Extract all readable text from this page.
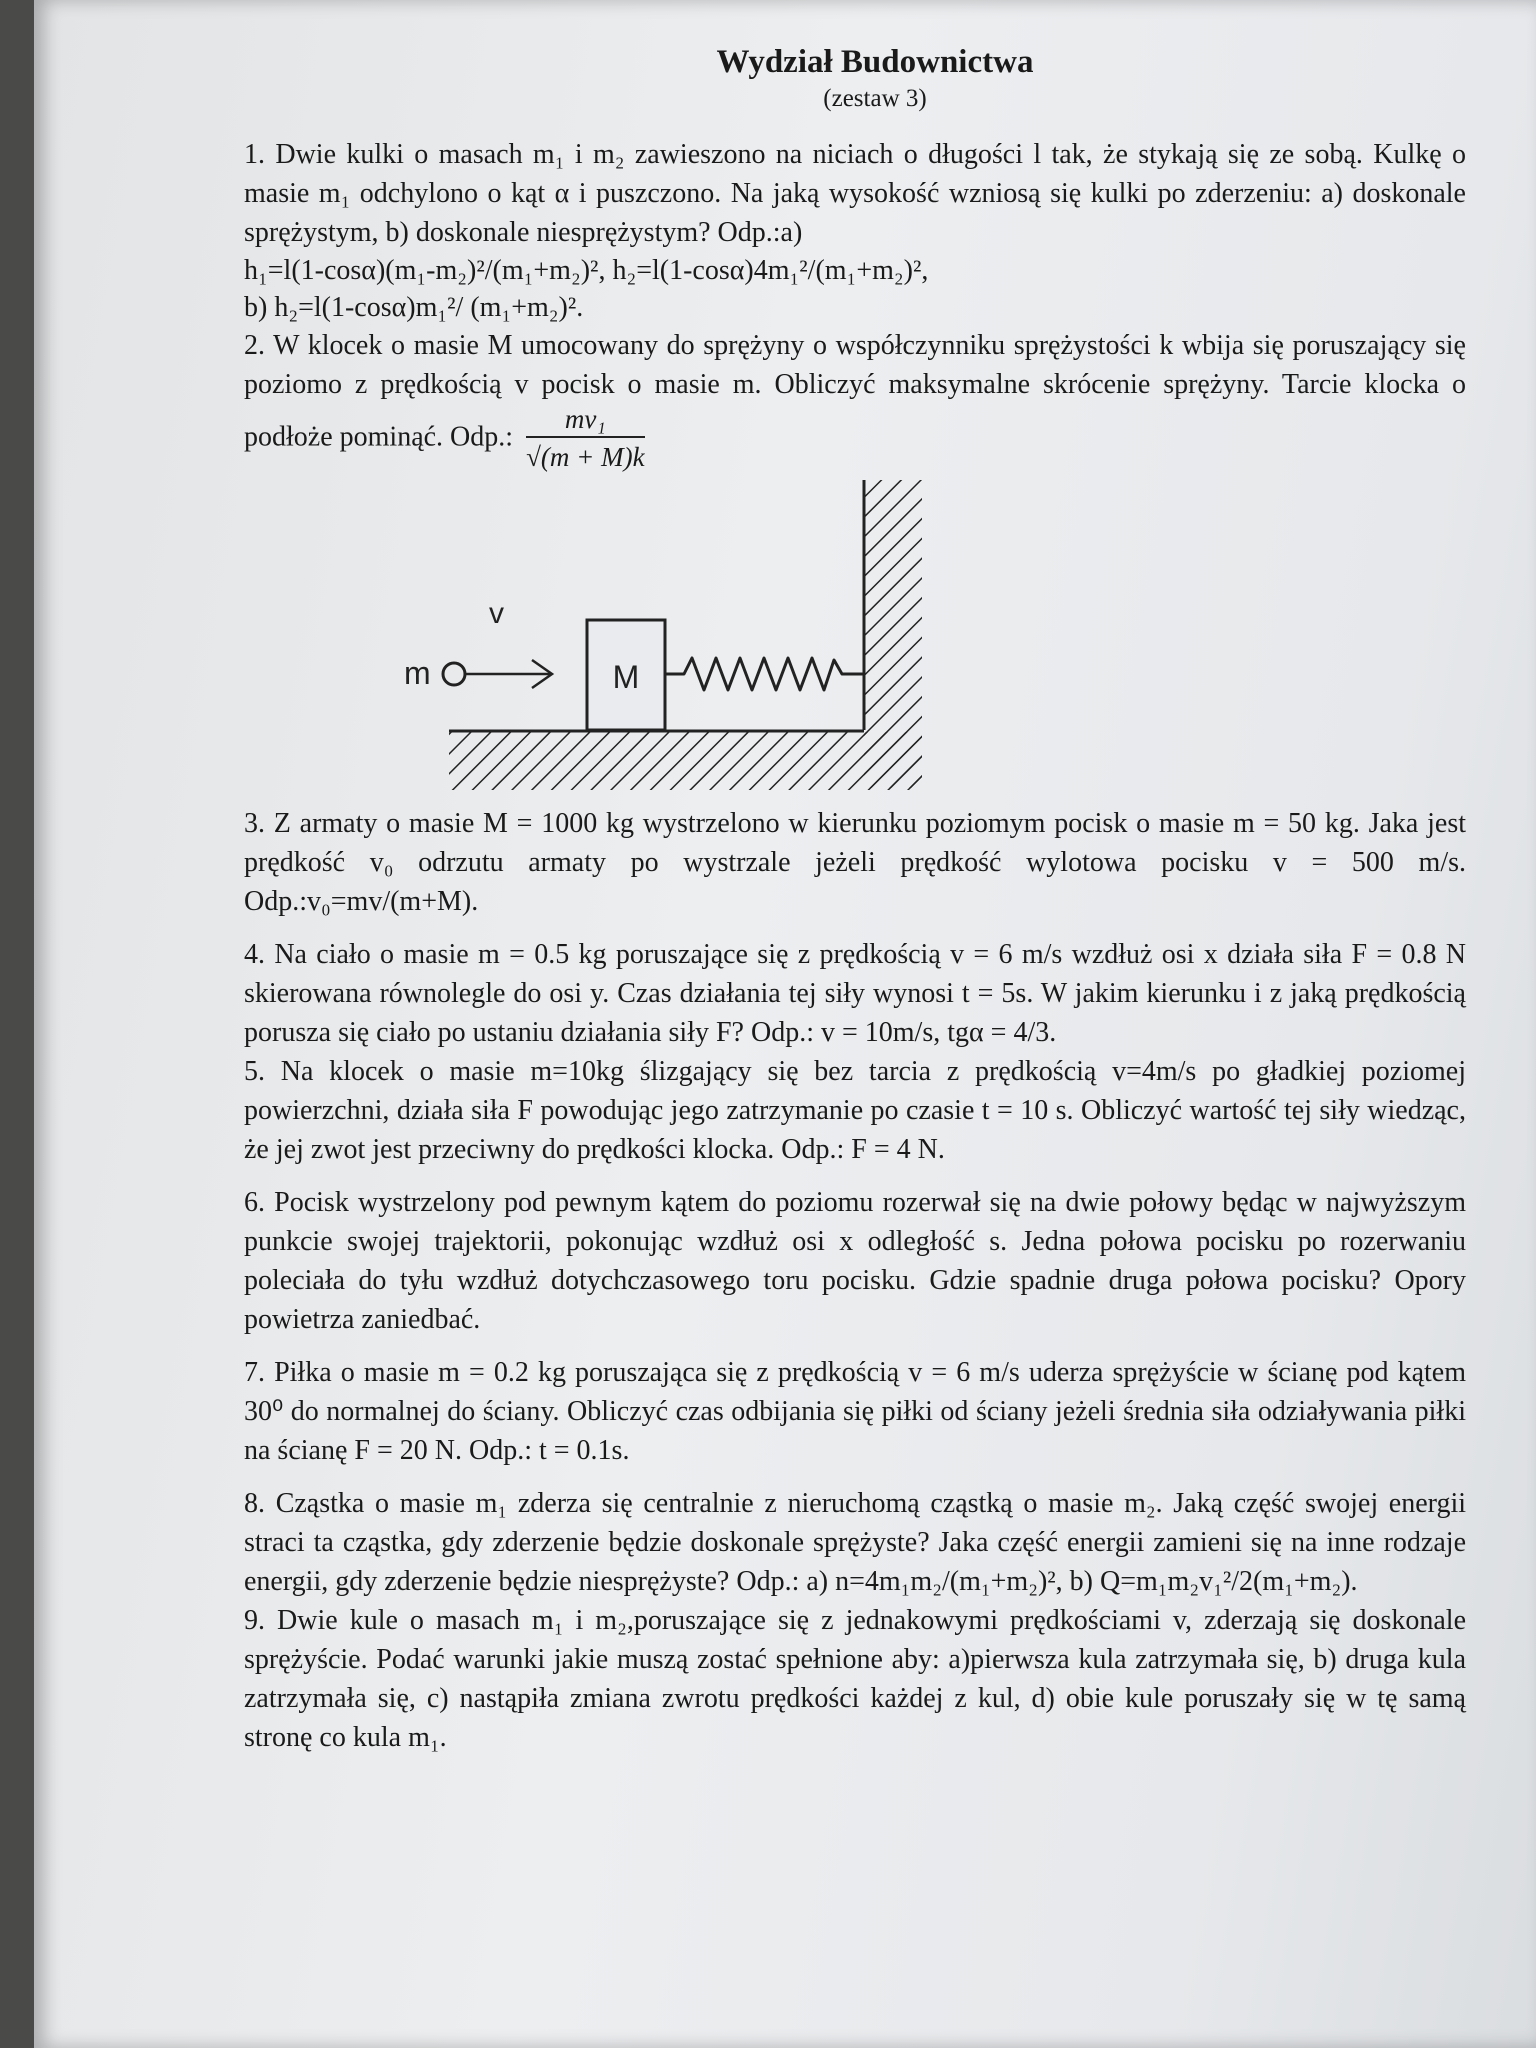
Wydział Budownictwa
(zestaw 3)

1. Dwie kulki o masach m₁ i m₂ zawieszono na niciach o długości l tak, że stykają się ze sobą. Kulkę o masie m₁ odchylono o kąt α i puszczono. Na jaką wysokość wzniosą się kulki po zderzeniu: a) doskonale sprężystym, b) doskonale niesprężystym? Odp.:a)

h₁=l(1-cosα)(m₁-m₂)²/(m₁+m₂)², h₂=l(1-cosα)4m₁²/(m₁+m₂)²,

b) h₂=l(1-cosα)m₁²/ (m₁+m₂)².

2. W klocek o masie M umocowany do sprężyny o współczynniku sprężystości k wbija się poruszający się poziomo z prędkością v pocisk o masie m. Obliczyć maksymalne skrócenie sprężyny. Tarcie klocka o podłoże pominąć. Odp.: $\frac{\text{mv₁}}{√(m + M)k}$

M
m
v

3. Z armaty o masie M = 1000 kg wystrzelono w kierunku poziomym pocisk o masie m = 50 kg. Jaka jest prędkość v₀ odrzutu armaty po wystrzale jeżeli prędkość wylotowa pocisku v = 500 m/s. Odp.:v₀=mv/(m+M).

4. Na ciało o masie m = 0.5 kg poruszające się z prędkością v = 6 m/s wzdłuż osi x działa siła F = 0.8 N skierowana równolegle do osi y. Czas działania tej siły wynosi t = 5s. W jakim kierunku i z jaką prędkością porusza się ciało po ustaniu działania siły F? Odp.: v = 10m/s, tgα = 4/3.

5. Na klocek o masie m=10kg ślizgający się bez tarcia z prędkością v=4m/s po gładkiej poziomej powierzchni, działa siła F powodując jego zatrzymanie po czasie t = 10 s. Obliczyć wartość tej siły wiedząc, że jej zwot jest przeciwny do prędkości klocka. Odp.: F = 4 N.

6. Pocisk wystrzelony pod pewnym kątem do poziomu rozerwał się na dwie połowy będąc w najwyższym punkcie swojej trajektorii, pokonując wzdłuż osi x odległość s. Jedna połowa pocisku po rozerwaniu poleciała do tyłu wzdłuż dotychczasowego toru pocisku. Gdzie spadnie druga połowa pocisku? Opory powietrza zaniedbać.

7. Piłka o masie m = 0.2 kg poruszająca się z prędkością v = 6 m/s uderza sprężyście w ścianę pod kątem 30⁰ do normalnej do ściany. Obliczyć czas odbijania się piłki od ściany jeżeli średnia siła odziaływania piłki na ścianę F = 20 N. Odp.: t = 0.1s.

8. Cząstka o masie m₁ zderza się centralnie z nieruchomą cząstką o masie m₂. Jaką część swojej energii straci ta cząstka, gdy zderzenie będzie doskonale sprężyste? Jaka część energii zamieni się na inne rodzaje energii, gdy zderzenie będzie niesprężyste? Odp.: a) n=4m₁m₂/(m₁+m₂)², b) Q=m₁m₂v₁²/2(m₁+m₂).

9. Dwie kule o masach m₁ i m₂,poruszające się z jednakowymi prędkościami v, zderzają się doskonale sprężyście. Podać warunki jakie muszą zostać spełnione aby: a)pierwsza kula zatrzymała się, b) druga kula zatrzymała się, c) nastąpiła zmiana zwrotu prędkości każdej z kul, d) obie kule poruszały się w tę samą stronę co kula m₁.
